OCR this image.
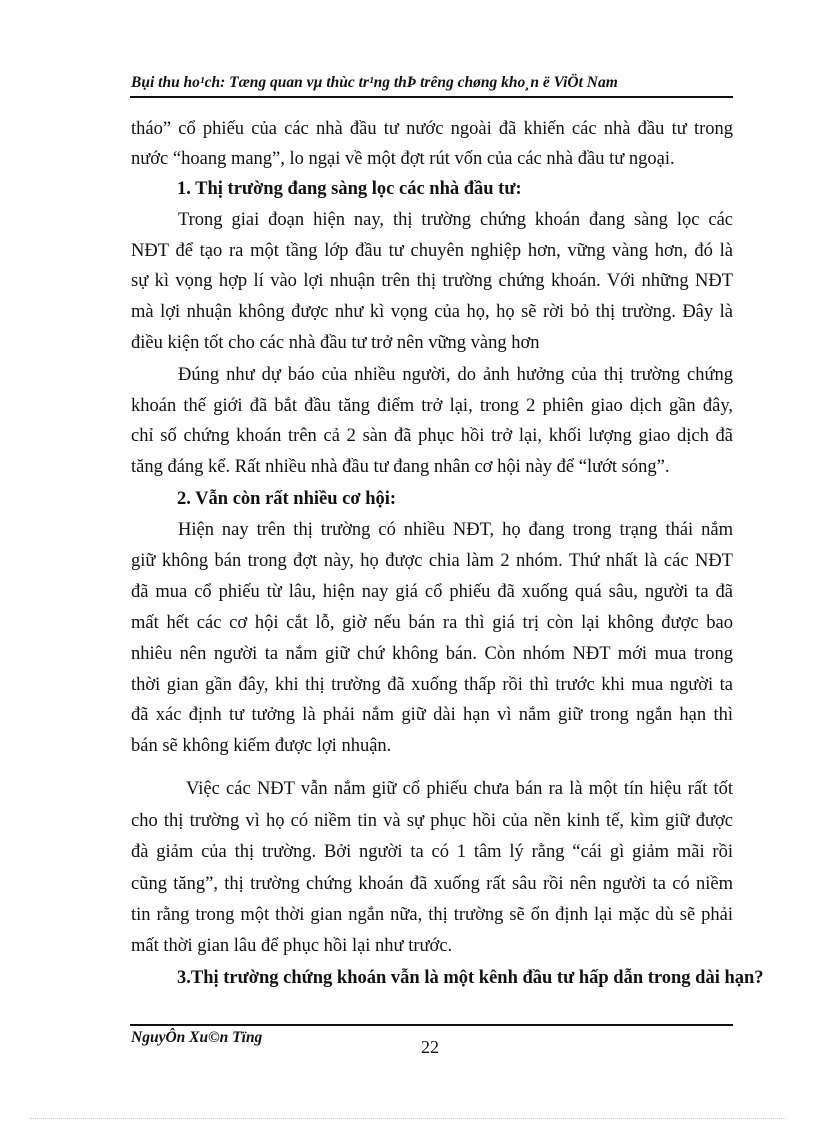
Bụi thu ho¹ch: Tæng quan vµ thùc tr¹ng thÞ trêng chøng kho¸n ë ViÖt Nam
tháo” cổ phiếu của các nhà đầu tư nước ngoài đã khiến các nhà đầu tư trong
nước “hoang mang”, lo ngại về một đợt rút vốn của các nhà đầu tư ngoại.
1. Thị trường đang sàng lọc các nhà đầu tư:
Trong giai đoạn hiện nay, thị trường chứng khoán đang sàng lọc các
NĐT để tạo ra một tầng lớp đầu tư chuyên nghiệp hơn, vững vàng hơn, đó là
sự kì vọng hợp lí vào lợi nhuận trên thị trường chứng khoán. Với những NĐT
mà lợi nhuận không được như kì vọng của họ, họ sẽ rời bỏ thị trường. Đây là
điều kiện tốt cho các nhà đầu tư trở nên vững vàng hơn
Đúng như dự báo của nhiều người, do ảnh hưởng của thị trường chứng
khoán thế giới đã bắt đầu tăng điểm trở lại, trong 2 phiên giao dịch gần đây,
chỉ số chứng khoán trên cả 2 sàn đã phục hồi trở lại, khối lượng giao dịch đã
tăng đáng kể. Rất nhiều nhà đầu tư đang nhân cơ hội này để “lướt sóng”.
2. Vẫn còn rất nhiều cơ hội:
Hiện nay trên thị trường có nhiều NĐT, họ đang trong trạng thái nắm
giữ không bán trong đợt này, họ được chia làm 2 nhóm. Thứ nhất là các NĐT
đã mua cổ phiếu từ lâu, hiện nay giá cổ phiếu đã xuống quá sâu, người ta đã
mất hết các cơ hội cắt lỗ, giờ nếu bán ra thì giá trị còn lại không được bao
nhiêu nên người ta nắm giữ chứ không bán. Còn nhóm NĐT mới mua trong
thời gian gần đây, khi thị trường đã xuống thấp rồi thì trước khi mua người ta
đã xác định tư tưởng là phải nắm giữ dài hạn vì nắm giữ trong ngắn hạn thì
bán sẽ không kiếm được lợi nhuận.
Việc các NĐT vẫn nắm giữ cổ phiếu chưa bán ra là một tín hiệu rất tốt
cho thị trường vì họ có niềm tin và sự phục hồi của nền kinh tế, kìm giữ được
đà giảm của thị trường. Bởi người ta có 1 tâm lý rằng “cái gì giảm mãi rồi
cũng tăng”, thị trường chứng khoán đã xuống rất sâu rồi nên người ta có niềm
tin rằng trong một thời gian ngắn nữa, thị trường sẽ ổn định lại mặc dù sẽ phải
mất thời gian lâu để phục hồi lại như trước.
3.Thị trường chứng khoán vẫn là một kênh đầu tư hấp dẫn trong dài hạn?
NguyÔn Xu©n Tïng	22
